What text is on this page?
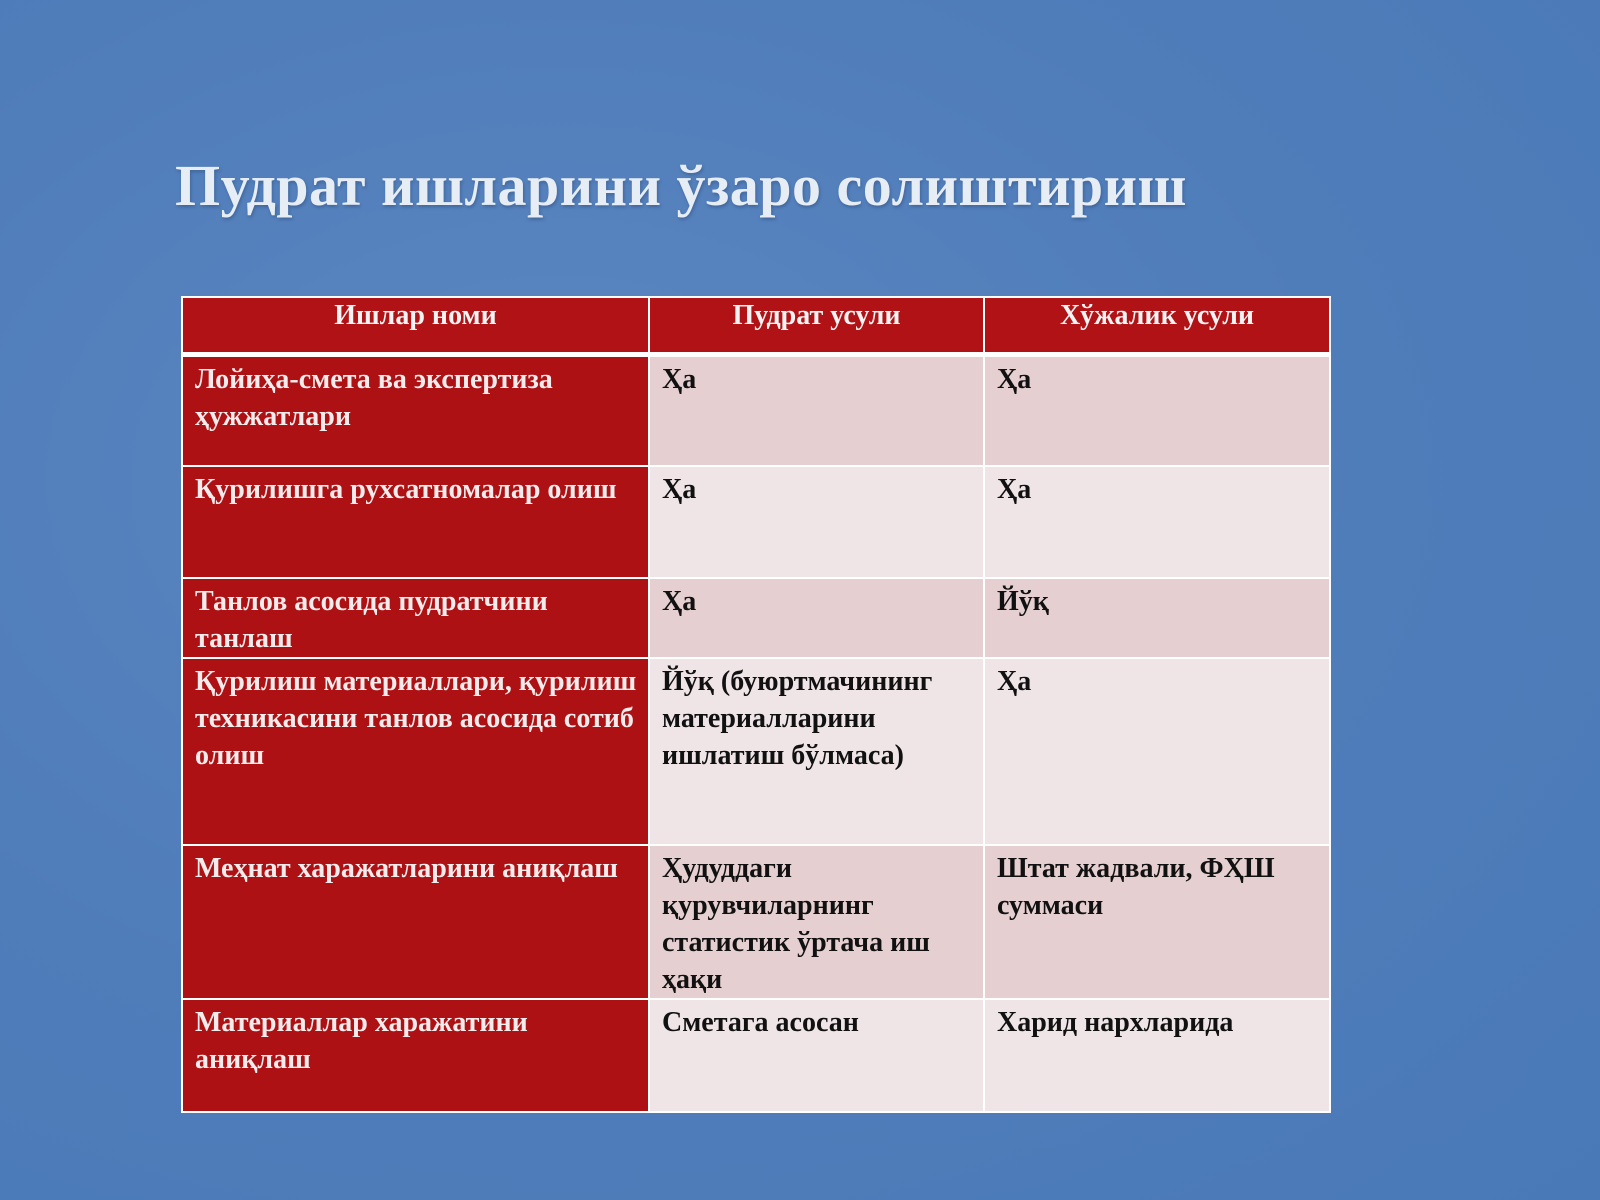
Пудрат ишларини ўзаро солиштириш
Ишлар номи	Пудрат усули	Хўжалик усули
Лойиҳа-смета ва экспертиза ҳужжатлари	Ҳа	Ҳа
Қурилишга рухсатномалар олиш	Ҳа	Ҳа
Танлов асосида пудратчини танлаш	Ҳа	Йўқ
Қурилиш материаллари, қурилиш техникасини танлов асосида сотиб олиш	Йўқ (буюртмачининг материалларини ишлатиш бўлмаса)	Ҳа
Меҳнат харажатларини аниқлаш	Ҳудуддаги қурувчиларнинг статистик ўртача иш ҳақи	Штат жадвали, ФҲШ суммаси
Материаллар харажатини аниқлаш	Сметага асосан	Харид нархларида
